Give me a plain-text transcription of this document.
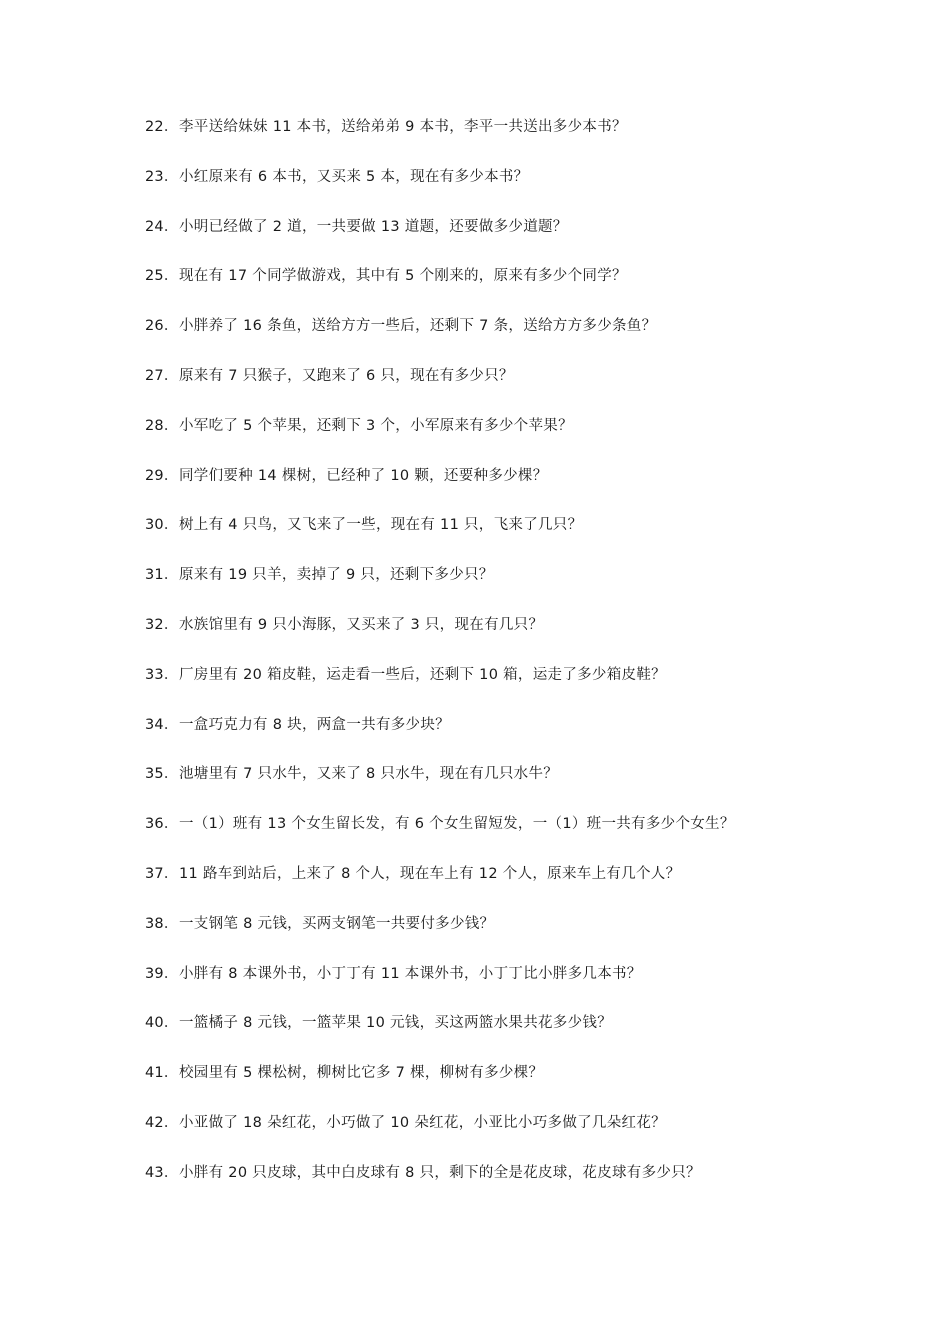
22． 李平送给妹妹 11 本书，送给弟弟 9 本书，李平一共送出多少本书？
23． 小红原来有 6 本书，又买来 5 本，现在有多少本书？
24． 小明已经做了 2 道，一共要做 13 道题，还要做多少道题？
25． 现在有 17 个同学做游戏，其中有 5 个刚来的，原来有多少个同学？
26． 小胖养了 16 条鱼，送给方方一些后，还剩下 7 条，送给方方多少条鱼？
27． 原来有 7 只猴子，又跑来了 6 只，现在有多少只？
28． 小军吃了 5 个苹果，还剩下 3 个，小军原来有多少个苹果？
29． 同学们要种 14 棵树，已经种了 10 颗，还要种多少棵？
30． 树上有 4 只鸟，又飞来了一些，现在有 11 只，飞来了几只？
31． 原来有 19 只羊，卖掉了 9 只，还剩下多少只？
32． 水族馆里有 9 只小海豚，又买来了 3 只，现在有几只？
33． 厂房里有 20 箱皮鞋，运走看一些后，还剩下 10 箱，运走了多少箱皮鞋？
34． 一盒巧克力有 8 块，两盒一共有多少块？
35． 池塘里有 7 只水牛，又来了 8 只水牛，现在有几只水牛？
36． 一（1）班有 13 个女生留长发，有 6 个女生留短发，一（1）班一共有多少个女生？
37． 11 路车到站后，上来了 8 个人，现在车上有 12 个人，原来车上有几个人？
38． 一支钢笔 8 元钱，买两支钢笔一共要付多少钱？
39． 小胖有 8 本课外书，小丁丁有 11 本课外书，小丁丁比小胖多几本书？
40． 一篮橘子 8 元钱，一篮苹果 10 元钱，买这两篮水果共花多少钱？
41． 校园里有 5 棵松树，柳树比它多 7 棵，柳树有多少棵？
42． 小亚做了 18 朵红花，小巧做了 10 朵红花，小亚比小巧多做了几朵红花？
43． 小胖有 20 只皮球，其中白皮球有 8 只，剩下的全是花皮球，花皮球有多少只？
